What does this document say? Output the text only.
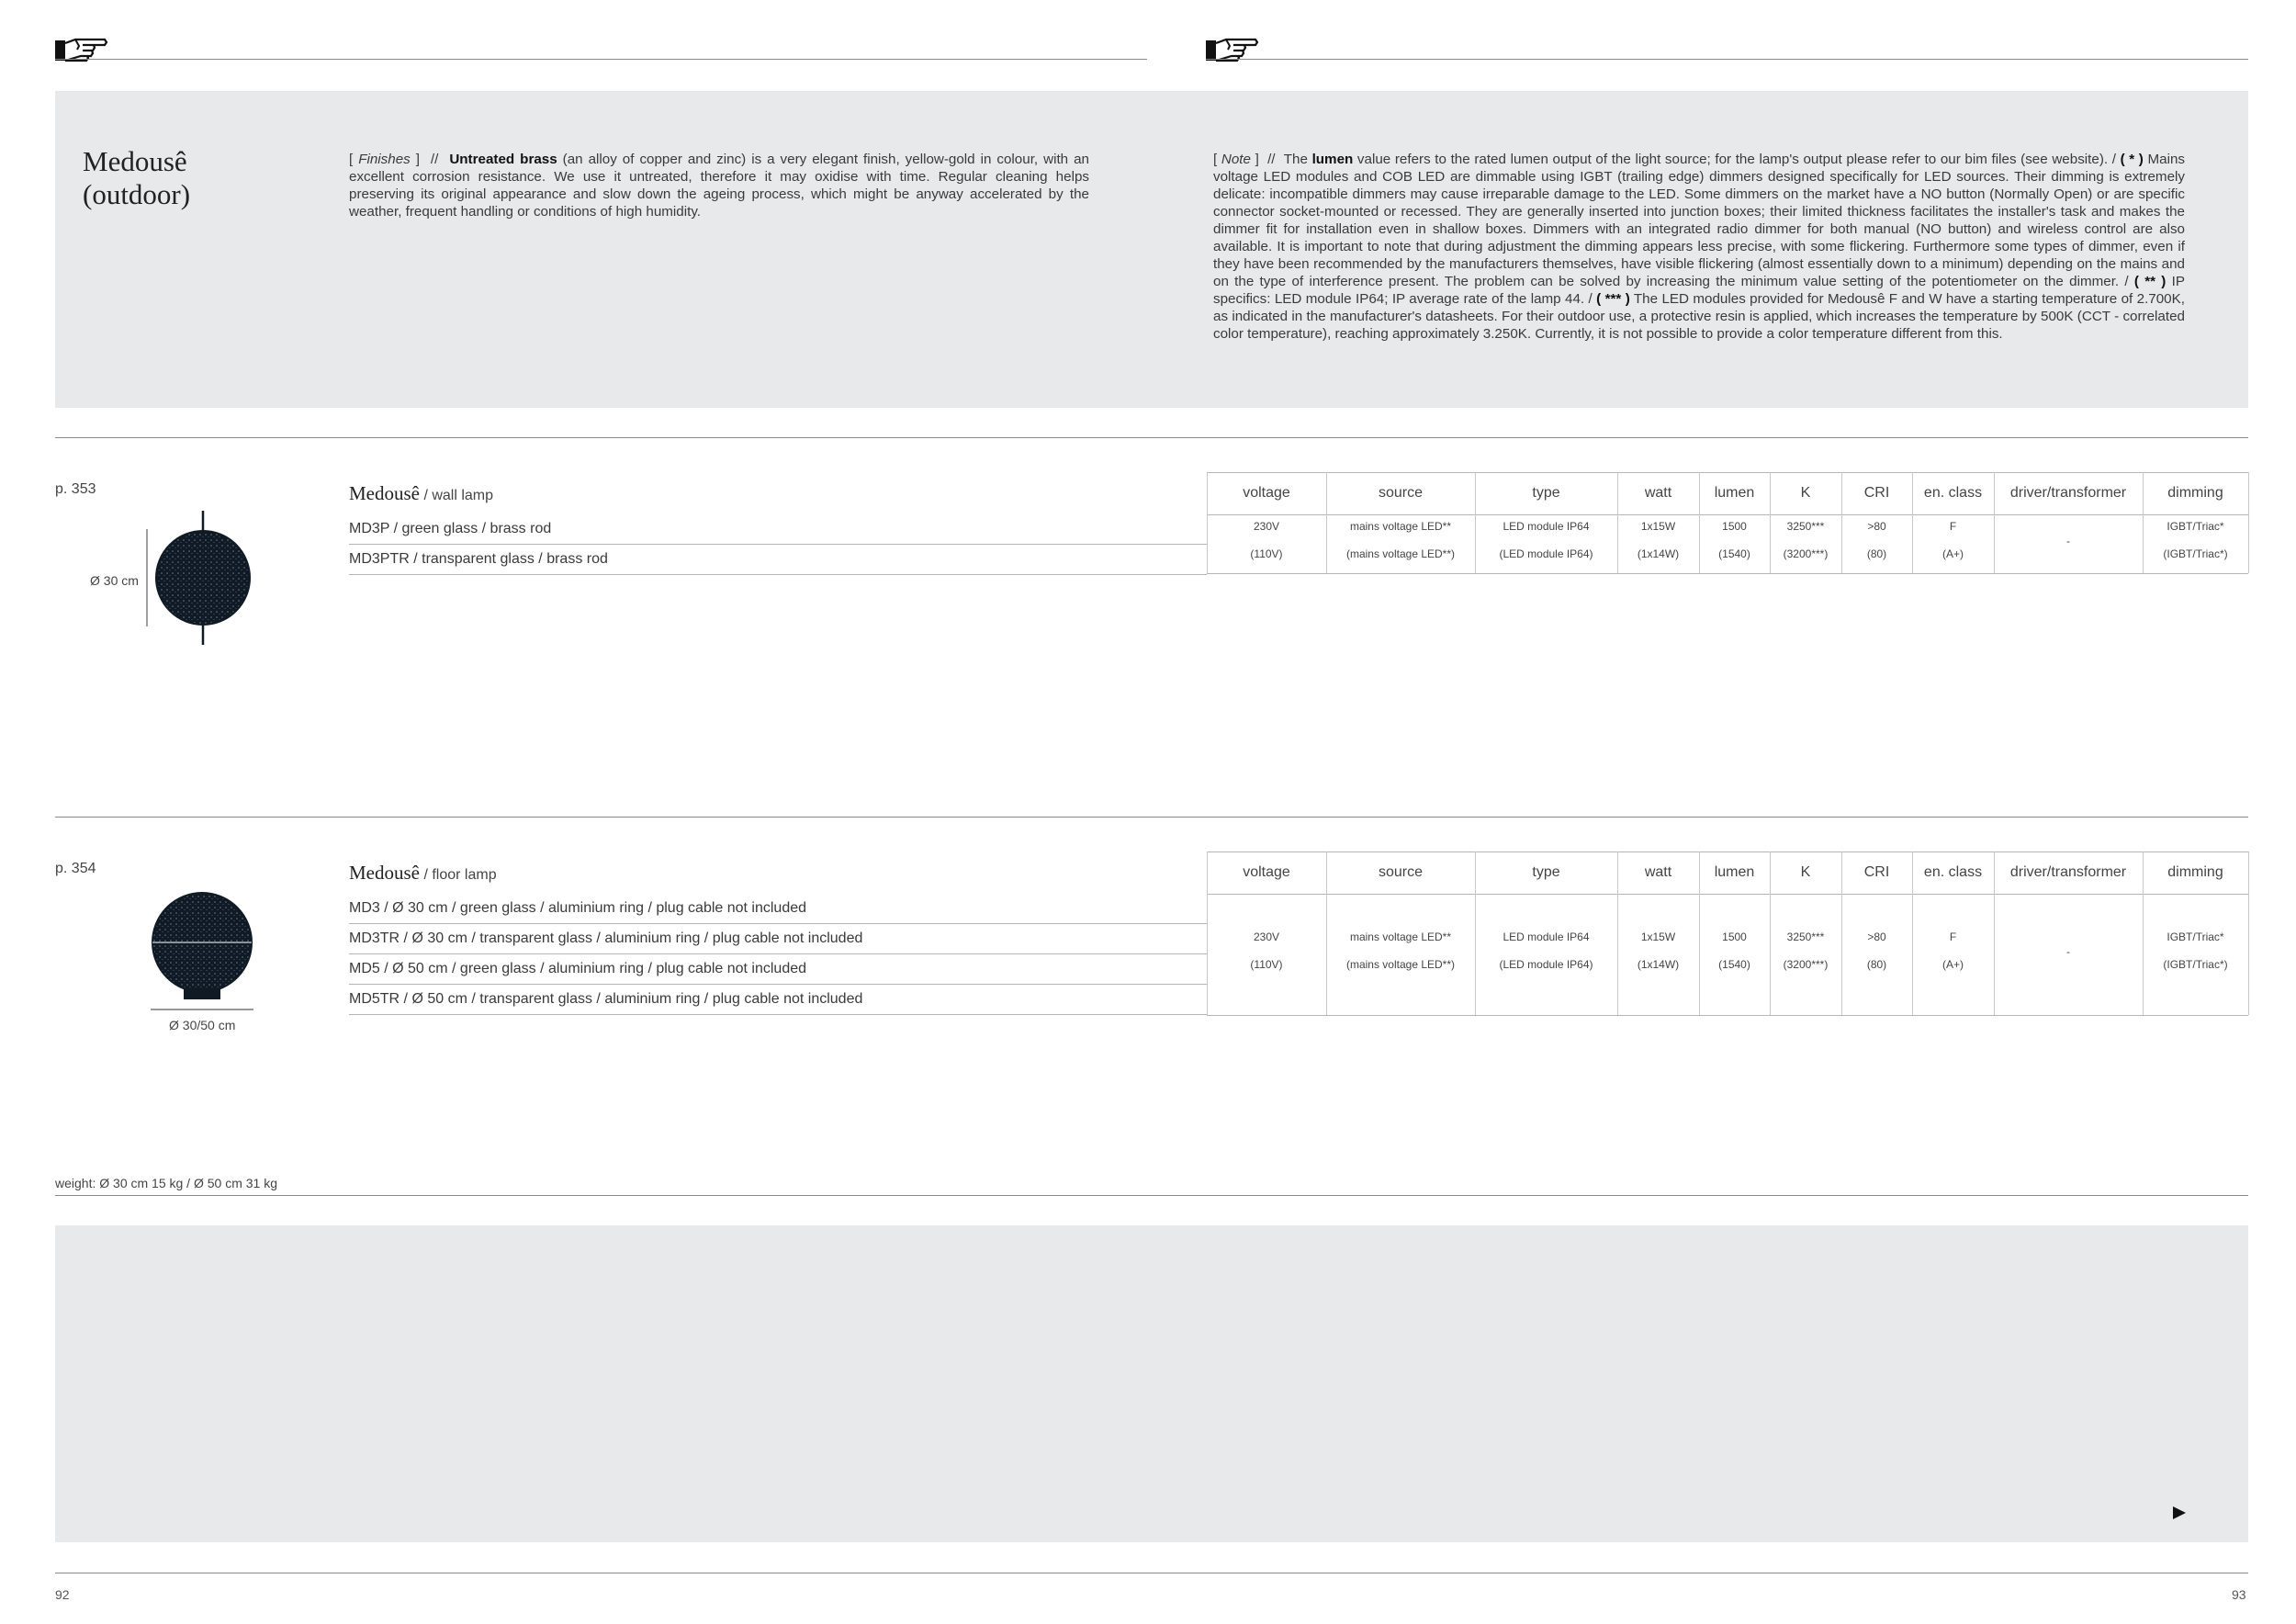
Medousê
(outdoor)
[ Finishes ]  // Untreated brass (an alloy of copper and zinc) is a very elegant finish, yellow-gold in colour, with an excellent corrosion resistance. We use it untreated, therefore it may oxidise with time. Regular cleaning helps preserving its original appearance and slow down the ageing process, which might be anyway accelerated by the weather, frequent handling or conditions of high humidity.
[ Note ]  // The lumen value refers to the rated lumen output of the light source; for the lamp's output please refer to our bim files (see website). / ( * ) Mains voltage LED modules and COB LED are dimmable using IGBT (trailing edge) dimmers designed specifically for LED sources. Their dimming is extremely delicate: incompatible dimmers may cause irreparable damage to the LED. Some dimmers on the market have a NO button (Normally Open) or are specific connector socket-mounted or recessed. They are generally inserted into junction boxes; their limited thickness facilitates the installer's task and makes the dimmer fit for installation even in shallow boxes. Dimmers with an integrated radio dimmer for both manual (NO button) and wireless control are also available. It is important to note that during adjustment the dimming appears less precise, with some flickering. Furthermore some types of dimmer, even if they have been recommended by the manufacturers themselves, have visible flickering (almost essentially down to a minimum) depending on the mains and on the type of interference present. The problem can be solved by increasing the minimum value setting of the potentiometer on the dimmer. / ( ** ) IP specifics: LED module IP64; IP average rate of the lamp 44. / ( *** ) The LED modules provided for Medousê F and W have a starting temperature of 2.700K, as indicated in the manufacturer's datasheets. For their outdoor use, a protective resin is applied, which increases the temperature by 500K (CCT - correlated color temperature), reaching approximately 3.250K. Currently, it is not possible to provide a color temperature different from this.
p. 353
Ø 30 cm
Medousê / wall lamp
MD3P / green glass / brass rod
MD3PTR / transparent glass / brass rod
voltage
230V
(110V)
source
mains voltage LED**
(mains voltage LED**)
type
LED module IP64
(LED module IP64)
watt
1x15W
(1x14W)
lumen
1500
(1540)
K
3250***
(3200***)
CRI
>80
(80)
en. class
F
(A+)
driver/transformer
-
dimming
IGBT/Triac*
(IGBT/Triac*)
p. 354
Ø 30/50 cm
Medousê / floor lamp
MD3 / Ø 30 cm / green glass / aluminium ring / plug cable not included
MD3TR / Ø 30 cm / transparent glass / aluminium ring / plug cable not included
MD5 / Ø 50 cm / green glass / aluminium ring / plug cable not included
MD5TR / Ø 50 cm / transparent glass / aluminium ring / plug cable not included
voltage
230V
(110V)
source
mains voltage LED**
(mains voltage LED**)
type
LED module IP64
(LED module IP64)
watt
1x15W
(1x14W)
lumen
1500
(1540)
K
3250***
(3200***)
CRI
>80
(80)
en. class
F
(A+)
driver/transformer
-
dimming
IGBT/Triac*
(IGBT/Triac*)
weight: Ø 30 cm 15 kg / Ø 50 cm 31 kg
92	93
